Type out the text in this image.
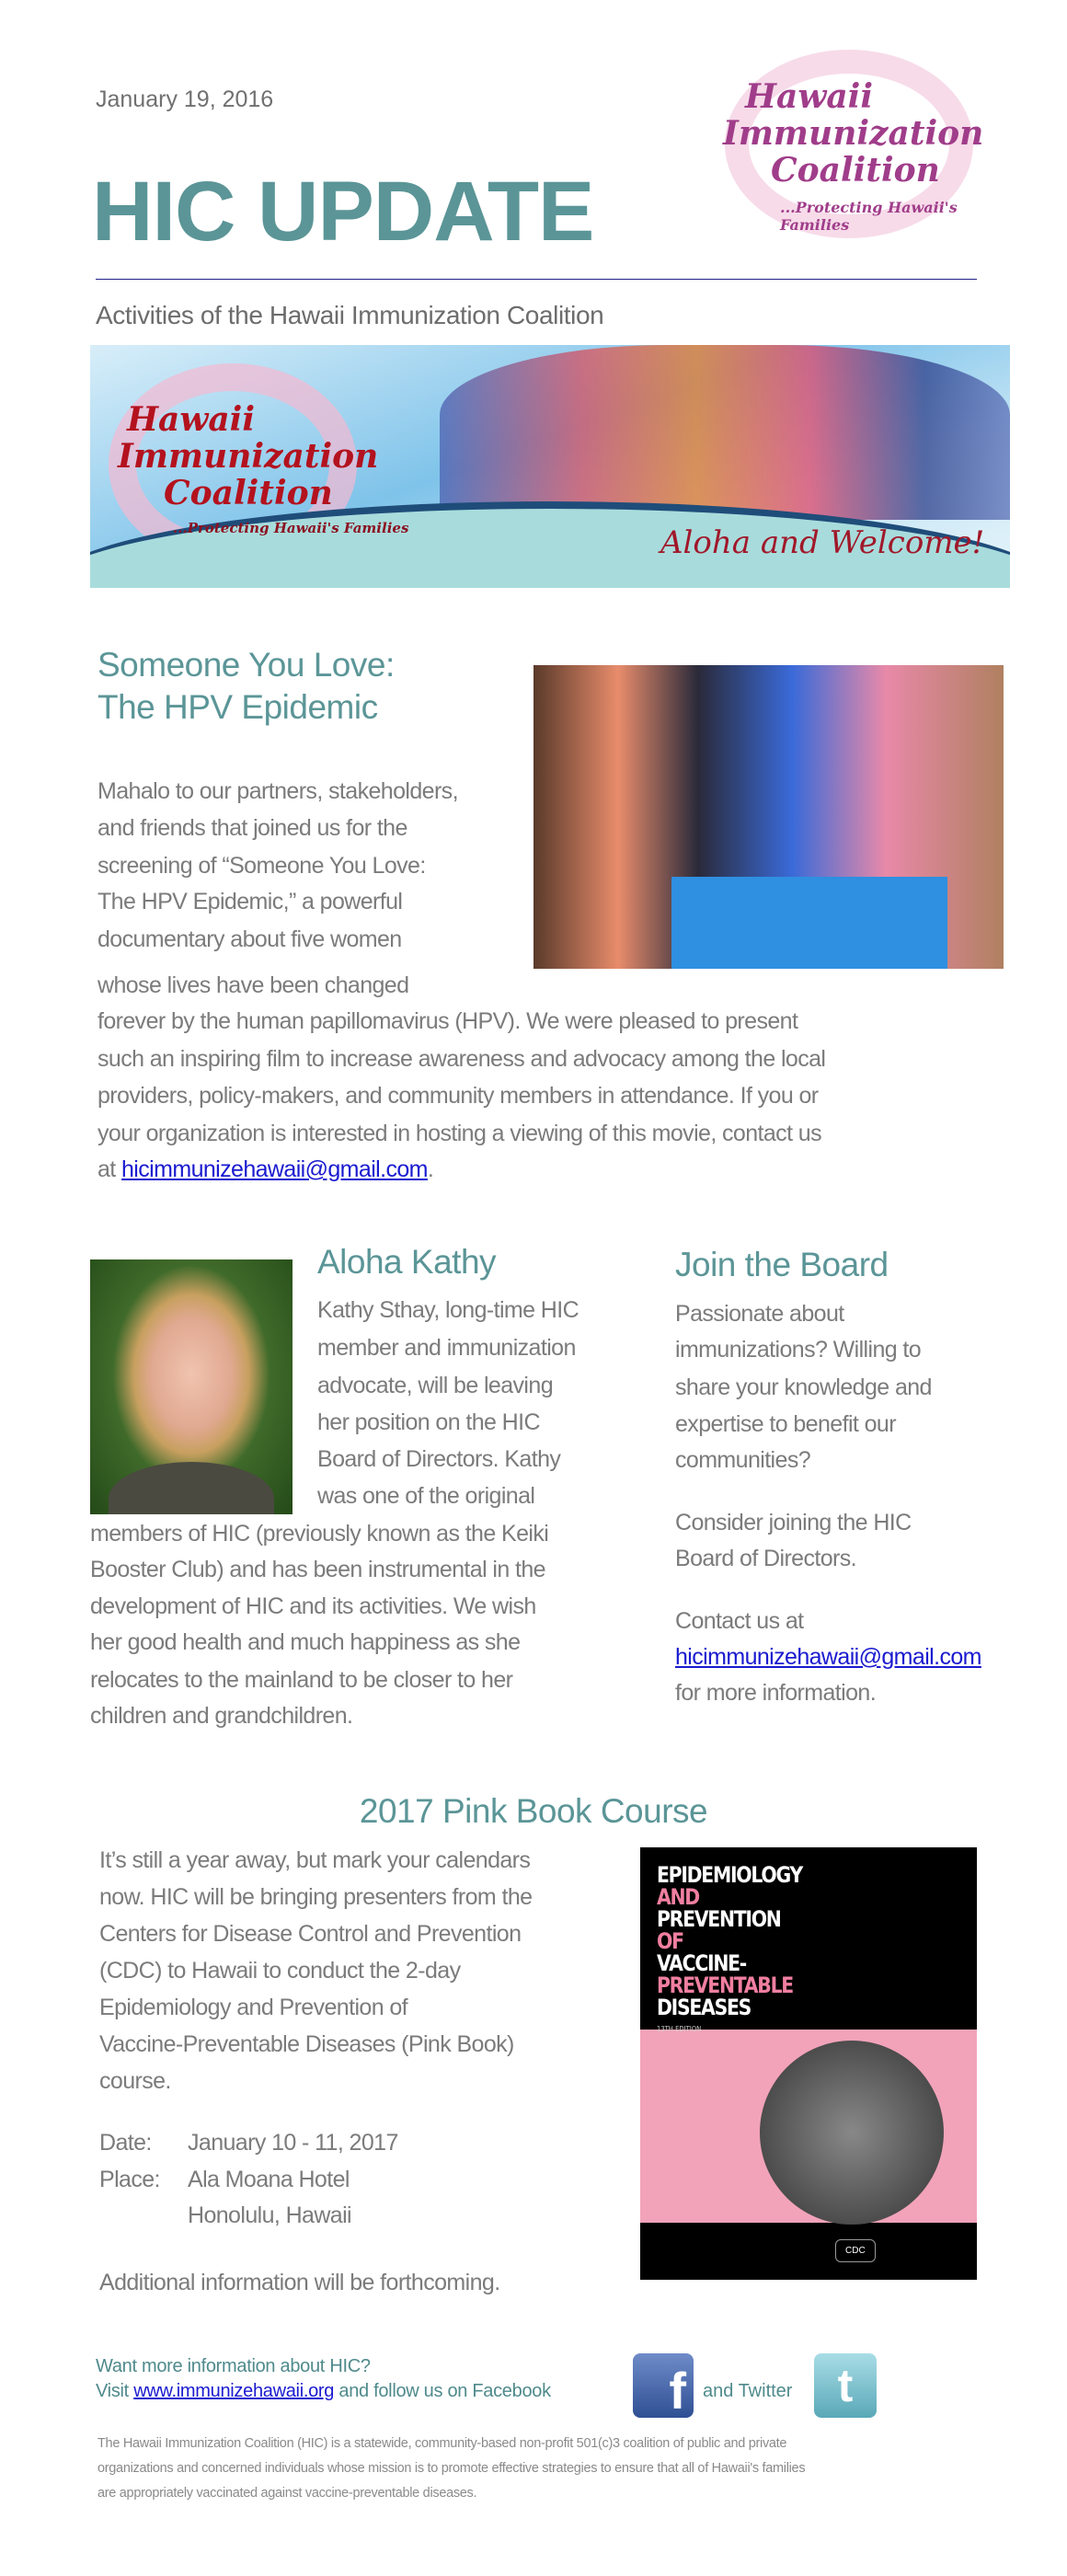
January 19, 2016
HIC UPDATE
Hawaii
Immunization
Coalition
...Protecting Hawaii's Families
Activities of the Hawaii Immunization Coalition
Hawaii
Immunization
Coalition
...Protecting Hawaii's Families	Aloha and Welcome!
Someone You Love:
The HPV Epidemic
Mahalo to our partners, stakeholders,
and friends that joined us for the
screening of “Someone You Love:
The HPV Epidemic,” a powerful
documentary about five women
whose lives have been changed
forever by the human papillomavirus (HPV). We were pleased to present
such an inspiring film to increase awareness and advocacy among the local
providers, policy-makers, and community members in attendance. If you or
your organization is interested in hosting a viewing of this movie, contact us
at hicimmunizehawaii@gmail.com.
Aloha Kathy
Kathy Sthay, long-time HIC
member and immunization
advocate, will be leaving
her position on the HIC
Board of Directors. Kathy
was one of the original
members of HIC (previously known as the Keiki
Booster Club) and has been instrumental in the
development of HIC and its activities. We wish
her good health and much happiness as she
relocates to the mainland to be closer to her
children and grandchildren.
Join the Board
Passionate about
immunizations? Willing to
share your knowledge and
expertise to benefit our
communities?
Consider joining the HIC
Board of Directors.
Contact us at
hicimmunizehawaii@gmail.com
for more information.
2017 Pink Book Course
It’s still a year away, but mark your calendars
now. HIC will be bringing presenters from the
Centers for Disease Control and Prevention
(CDC) to Hawaii to conduct the 2-day
Epidemiology and Prevention of
Vaccine-Preventable Diseases (Pink Book)
course.
Date: January 10 - 11, 2017
Place: Ala Moana Hotel
Honolulu, Hawaii
Additional information will be forthcoming.
EPIDEMIOLOGY
AND
PREVENTION
OF
VACCINE-
PREVENTABLE
DISEASES
13TH EDITION
CDC
Want more information about HIC?
Visit www.immunizehawaii.org and follow us on Facebook	f and Twitter t
The Hawaii Immunization Coalition (HIC) is a statewide, community-based non-profit 501(c)3 coalition of public and private
organizations and concerned individuals whose mission is to promote effective strategies to ensure that all of Hawaii's families
are appropriately vaccinated against vaccine-preventable diseases.
